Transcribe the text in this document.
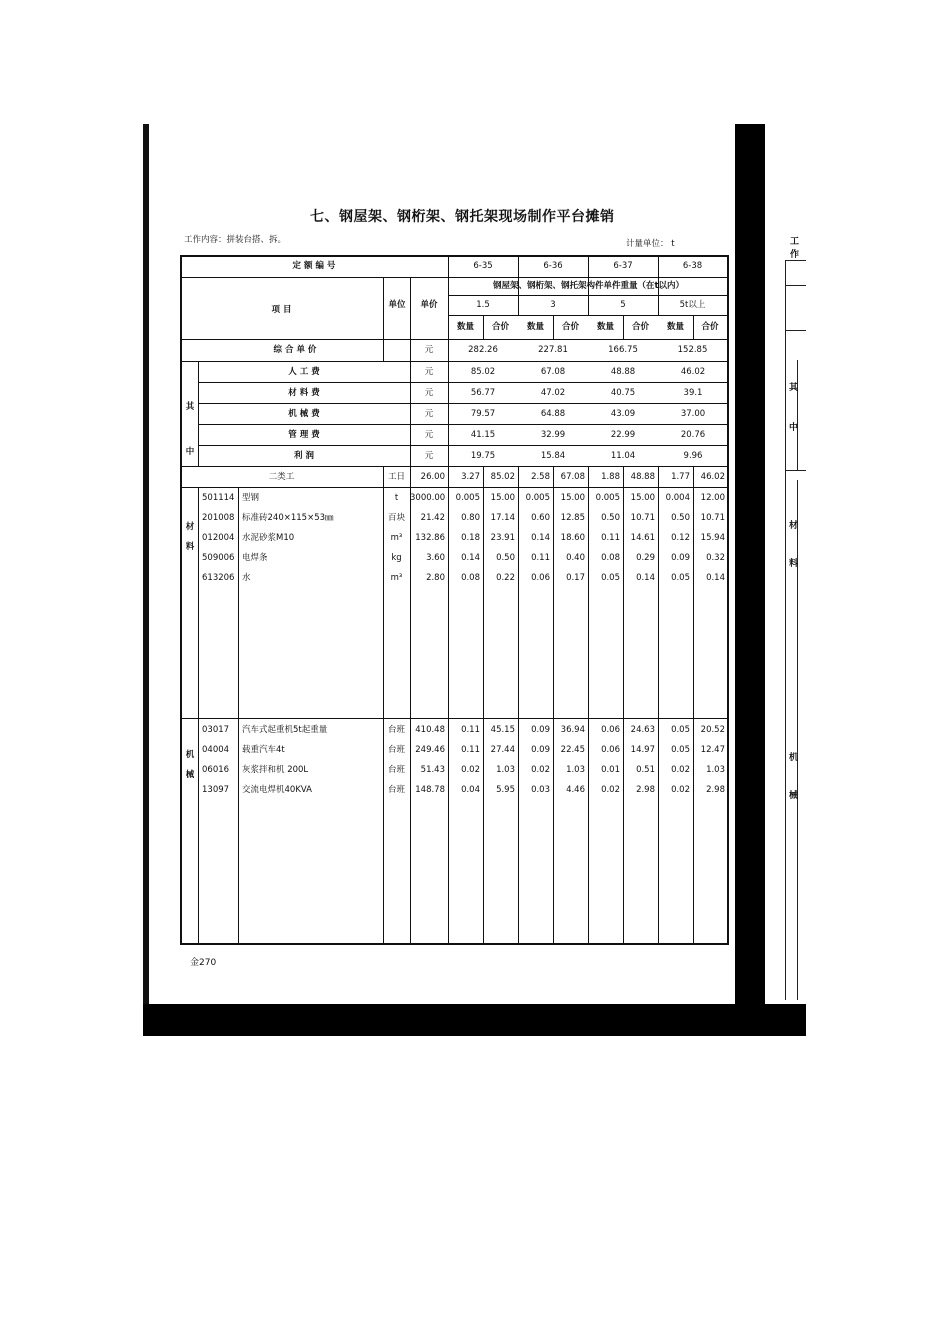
工作
其
中
材
料
机
械
七、钢屋架、钢桁架、钢托架现场制作平台摊销
工作内容：拼装台搭、拆。	计量单位： t
金270
定 额 编 号	6-35	6-36	6-37	6-38
钢屋架、钢桁架、钢托架构件单件重量（在t以内）
1.5	3	5	5t以上
项 目	单位	单价
数量	合价	数量	合价	数量	合价	数量	合价
综 合 单 价	元	282.26	227.81	166.75	152.85
其中
人 工 费	元	85.02	67.08	48.88	46.02
材 料 费	元	56.77	47.02	40.75	39.1
机 械 费	元	79.57	64.88	43.09	37.00
管 理 费	元	41.15	32.99	22.99	20.76
利 润	元	19.75	15.84	11.04	9.96
二类工	工日	26.00	3.27	85.02	2.58	67.08	1.88	48.88	1.77	46.02
材料
501114 型钢	t	3000.00	0.005	15.00	0.005	15.00	0.005	15.00	0.004	12.00
201008 标准砖240×115×53㎜	百块	21.42	0.80	17.14	0.60	12.85	0.50	10.71	0.50	10.71
012004 水泥砂浆M10	m³	132.86	0.18	23.91	0.14	18.60	0.11	14.61	0.12	15.94
509006 电焊条	kg	3.60	0.14	0.50	0.11	0.40	0.08	0.29	0.09	0.32
613206 水	m³	2.80	0.08	0.22	0.06	0.17	0.05	0.14	0.05	0.14
机械
03017	汽车式起重机5t起重量	台班	410.48	0.11	45.15	0.09	36.94	0.06	24.63	0.05	20.52
04004	载重汽车4t	台班	249.46	0.11	27.44	0.09	22.45	0.06	14.97	0.05	12.47
06016	灰浆拌和机 200L	台班	51.43	0.02	1.03	0.02	1.03	0.01	0.51	0.02	1.03
13097	交流电焊机40KVA	台班	148.78	0.04	5.95	0.03	4.46	0.02	2.98	0.02	2.98
